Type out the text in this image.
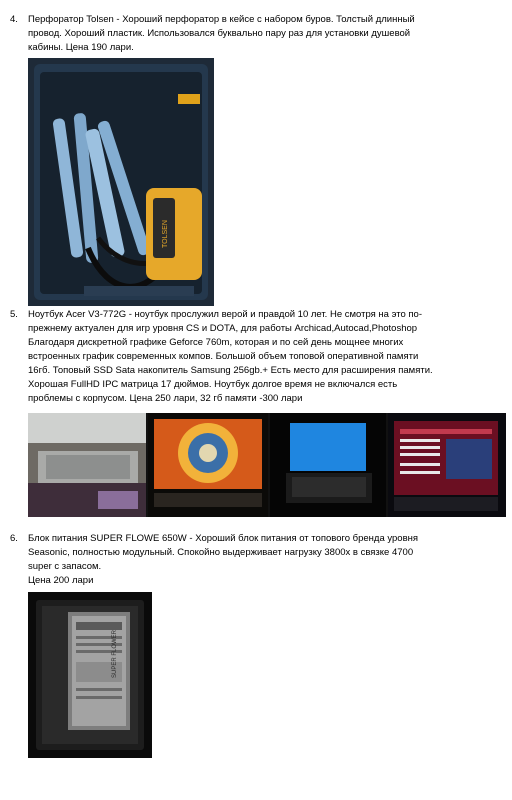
4. Перфоратор Tolsen - Хороший перфоратор в кейсе с набором буров. Толстый длинный
провод. Хороший пластик. Использовался буквально пару раз для установки душевой
кабины. Цена 190 лари.
TOLSEN
5. Ноутбук Acer V3-772G - ноутбук прослужил верой и правдой 10 лет. Не смотря на это по-
прежнему актуален для игр уровня CS и DOTA, для работы Archicad,Autocad,Photoshop
Благодаря дискретной графике Geforce 760m, которая и по сей день мощнее многих
встроенных график современных компов. Большой объем топовой оперативной памяти
16гб. Топовый SSD Sata накопитель Samsung 256gb.+ Есть место для расширения памяти.
Хорошая FullHD IPC матрица 17 дюймов. Ноутбук долгое время не включался есть
проблемы с корпусом. Цена 250 лари, 32 гб памяти -300 лари
6. Блок питания SUPER FLOWE 650W - Хороший блок питания от топового бренда уровня
Seasonic, полностью модульный. Спокойно выдерживает нагрузку 3800x в связке 4700
super с запасом.
Цена 200 лари
SUPER FLOWER
